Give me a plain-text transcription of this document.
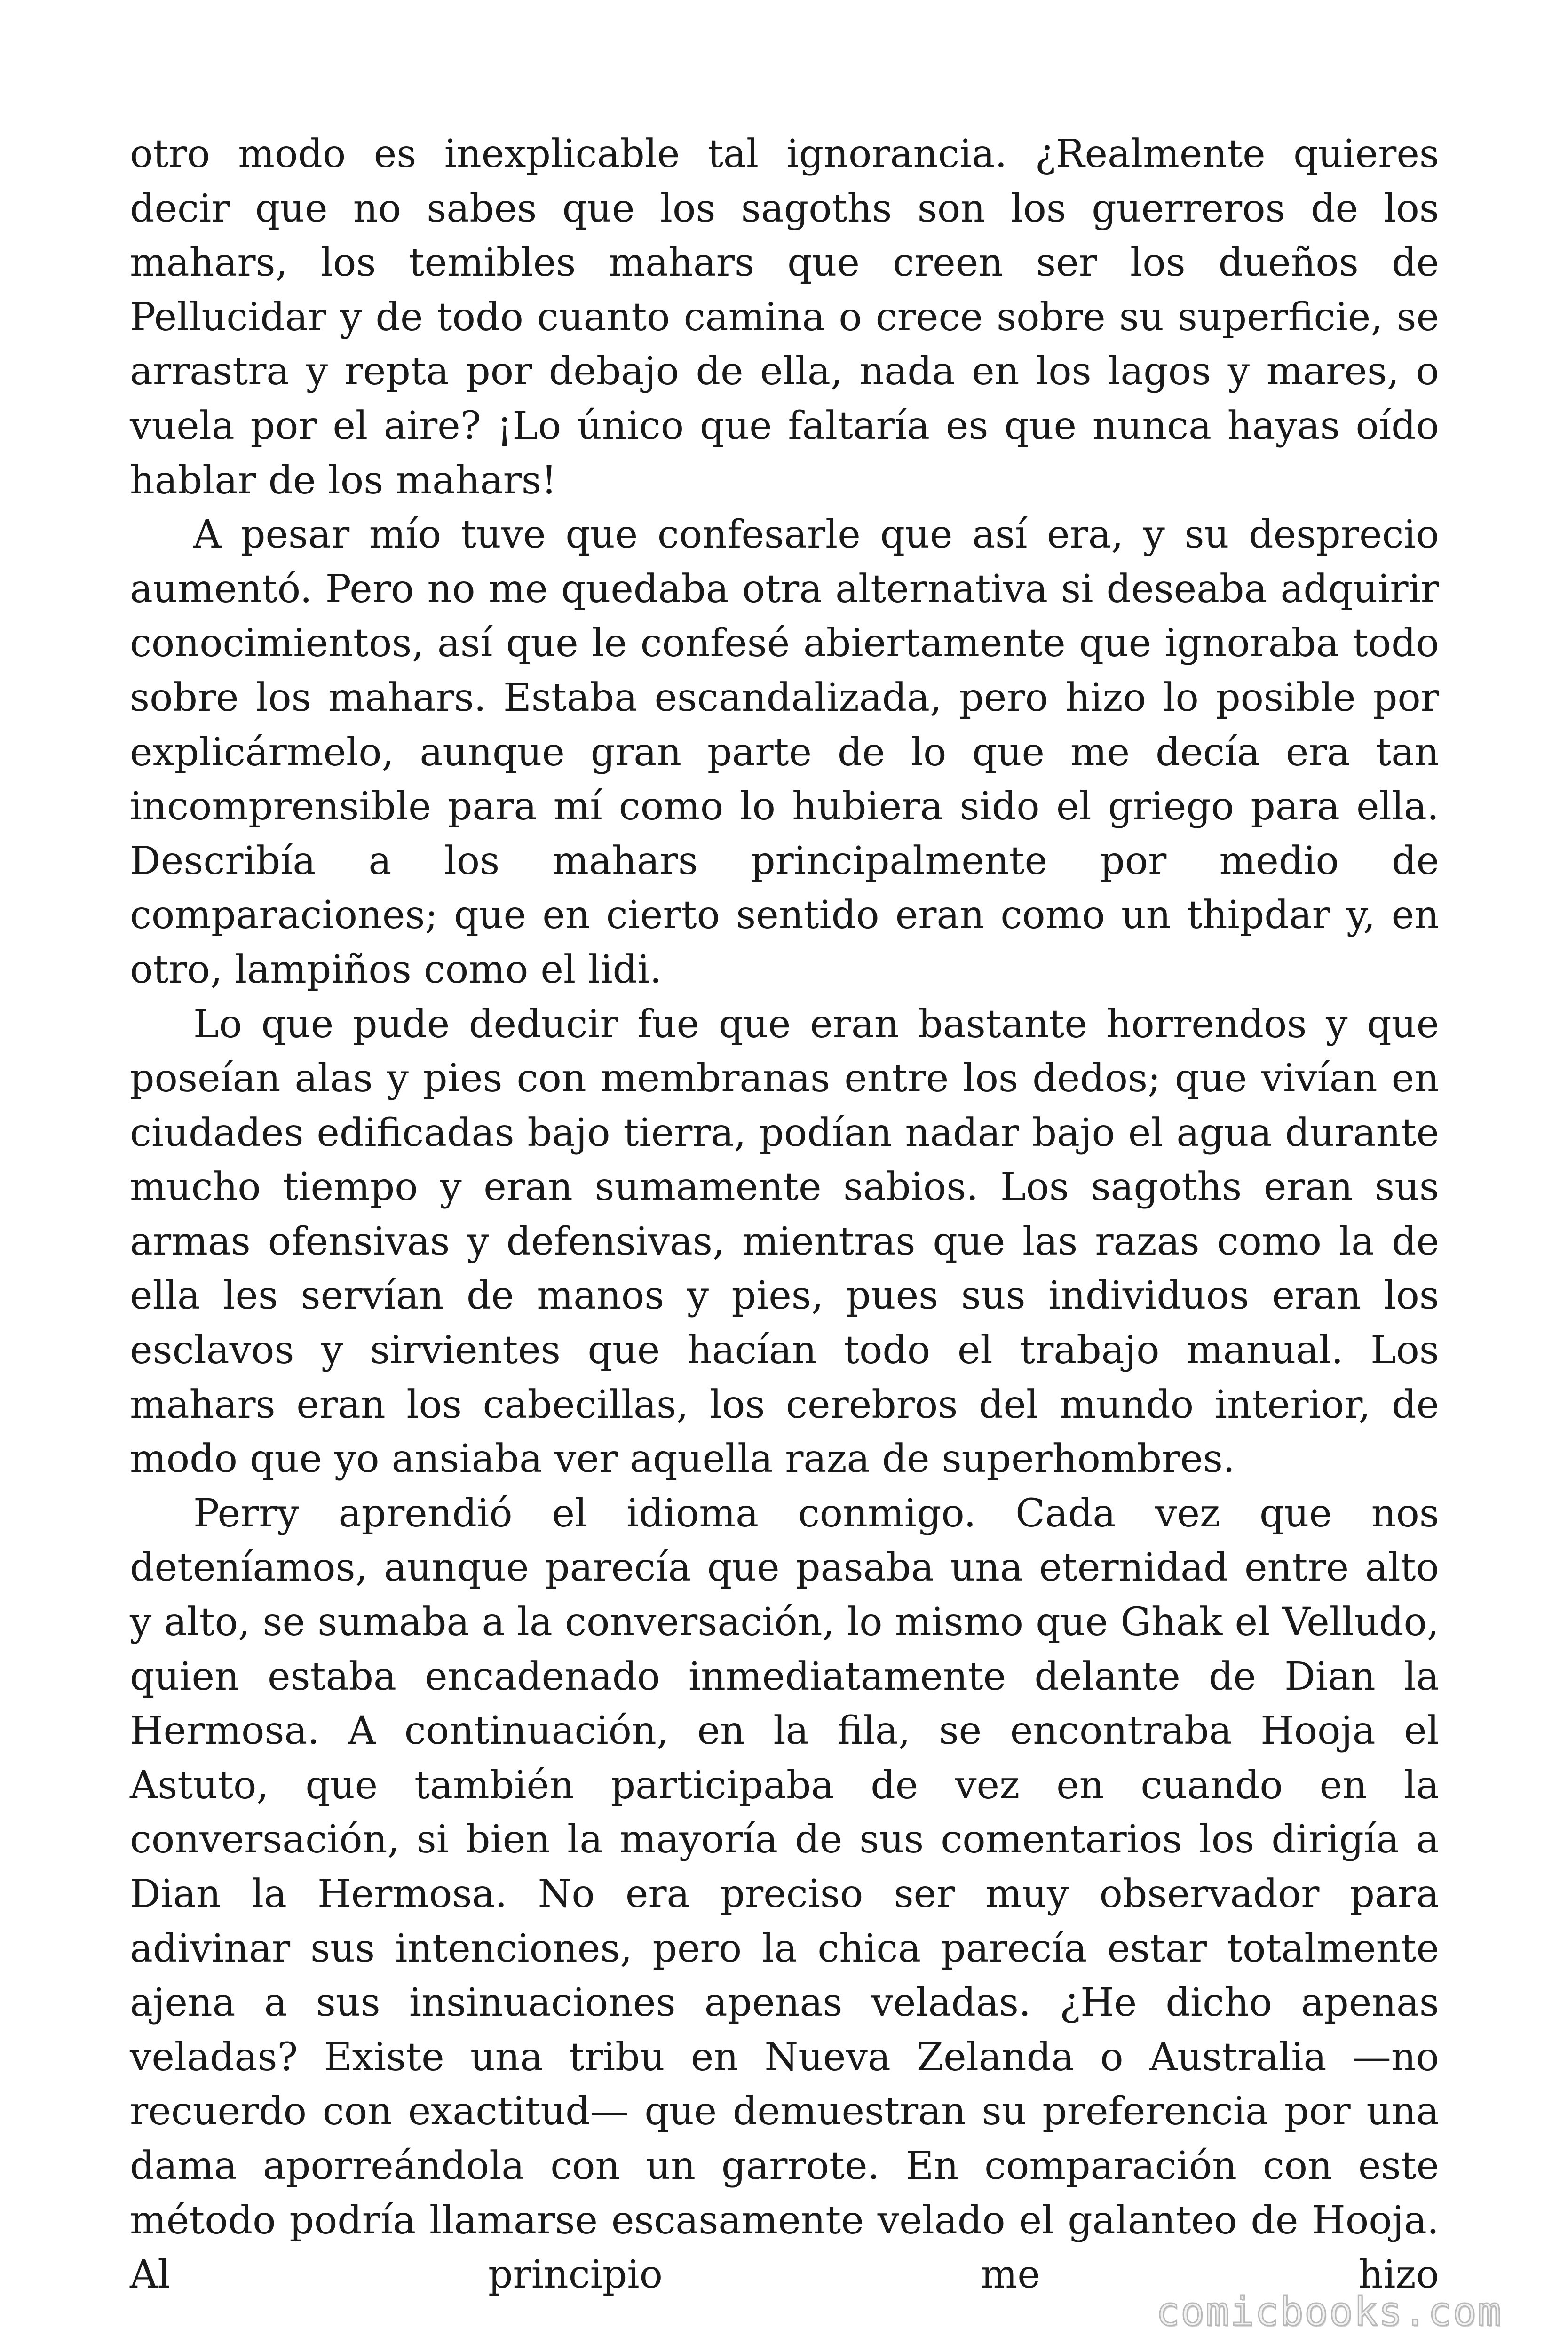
otro modo es inexplicable tal ignorancia. ¿Realmente quieres decir que no sabes que los sagoths son los guerreros de los mahars, los temibles mahars que creen ser los dueños de Pellucidar y de todo cuanto camina o crece sobre su superficie, se arrastra y repta por debajo de ella, nada en los lagos y mares, o vuela por el aire? ¡Lo único que faltaría es que nunca hayas oído hablar de los mahars!

A pesar mío tuve que confesarle que así era, y su desprecio aumentó. Pero no me quedaba otra alternativa si deseaba adquirir conocimientos, así que le confesé abiertamente que ignoraba todo sobre los mahars. Estaba escandalizada, pero hizo lo posible por explicármelo, aunque gran parte de lo que me decía era tan incomprensible para mí como lo hubiera sido el griego para ella. Describía a los mahars principalmente por medio de comparaciones; que en cierto sentido eran como un thipdar y, en otro, lampiños como el lidi.

Lo que pude deducir fue que eran bastante horrendos y que poseían alas y pies con membranas entre los dedos; que vivían en ciudades edificadas bajo tierra, podían nadar bajo el agua durante mucho tiempo y eran sumamente sabios. Los sagoths eran sus armas ofensivas y defensivas, mientras que las razas como la de ella les servían de manos y pies, pues sus individuos eran los esclavos y sirvientes que hacían todo el trabajo manual. Los mahars eran los cabecillas, los cerebros del mundo interior, de modo que yo ansiaba ver aquella raza de superhombres.

Perry aprendió el idioma conmigo. Cada vez que nos deteníamos, aunque parecía que pasaba una eternidad entre alto y alto, se sumaba a la conversación, lo mismo que Ghak el Velludo, quien estaba encadenado inmediatamente delante de Dian la Hermosa. A continuación, en la fila, se encontraba Hooja el Astuto, que también participaba de vez en cuando en la conversación, si bien la mayoría de sus comentarios los dirigía a Dian la Hermosa. No era preciso ser muy observador para adivinar sus intenciones, pero la chica parecía estar totalmente ajena a sus insinuaciones apenas veladas. ¿He dicho apenas veladas? Existe una tribu en Nueva Zelanda o Australia —no recuerdo con exactitud— que demuestran su preferencia por una dama aporreándola con un garrote. En comparación con este método podría llamarse escasamente velado el galanteo de Hooja. Al principio me hizo

comicbooks.com
